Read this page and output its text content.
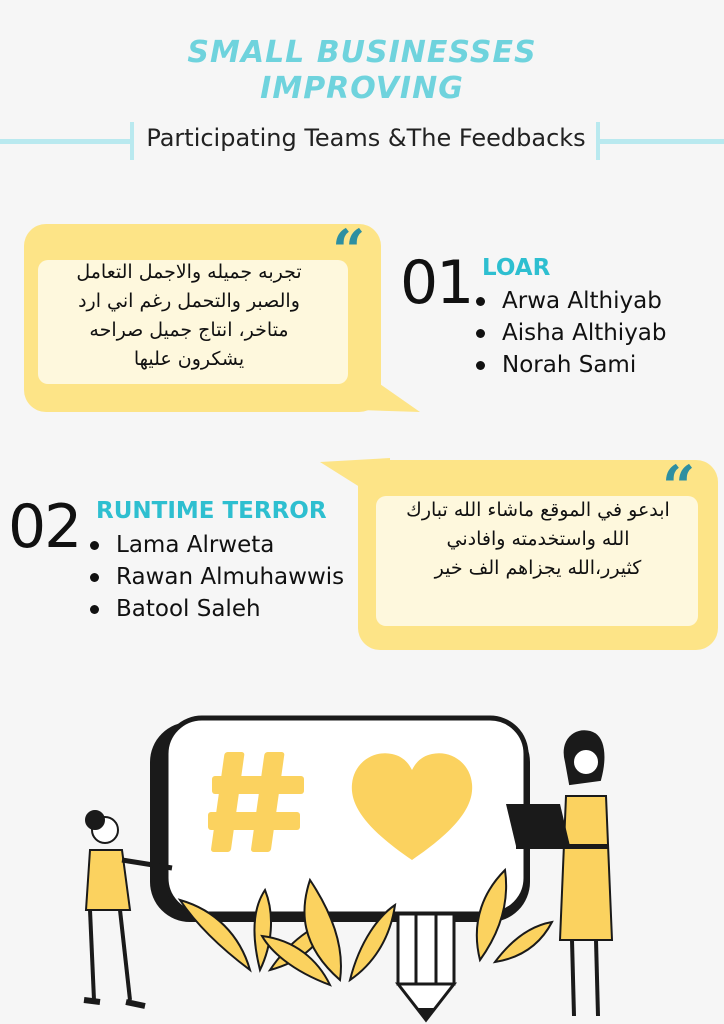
SMALL BUSINESSES
IMPROVING
Participating Teams &The Feedbacks
“
تجربه جميله والاجمل التعامل
والصبر والتحمل رغم اني ارد
متاخر، انتاج جميل صراحه
يشكرون عليها
01 LOAR
Arwa Althiyab
Aisha Althiyab
Norah Sami
“
ابدعو في الموقع ماشاء الله تبارك
الله واستخدمته وافادني
كثيرر،الله يجزاهم الف خير
02 RUNTIME TERROR
Lama Alrweta
Rawan Almuhawwis
Batool Saleh
